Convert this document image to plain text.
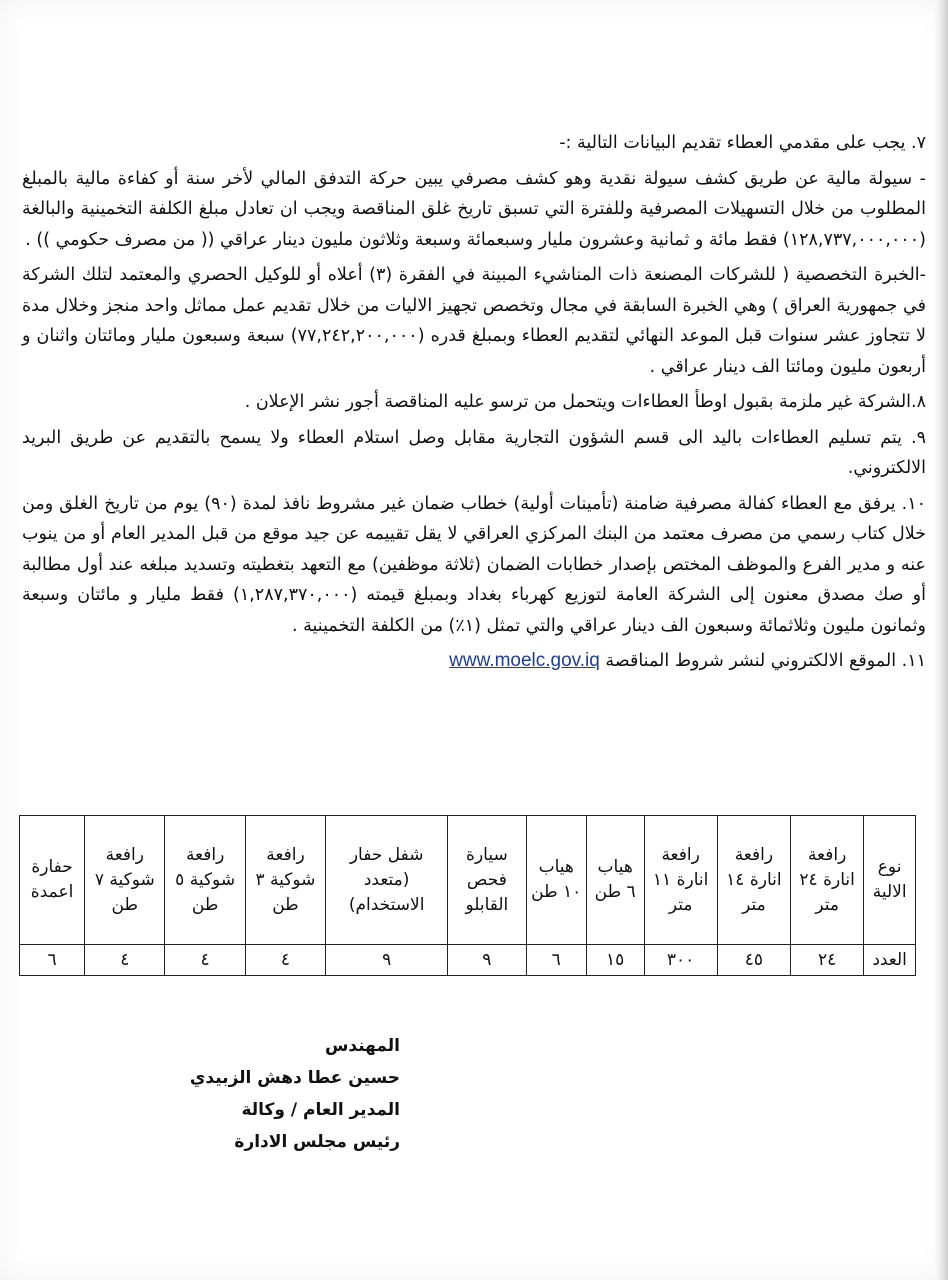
٧. يجب على مقدمي العطاء تقديم البيانات التالية :-

- سيولة مالية عن طريق كشف سيولة نقدية وهو كشف مصرفي يبين حركة التدفق المالي لأخر سنة أو كفاءة مالية بالمبلغ المطلوب من خلال التسهيلات المصرفية وللفترة التي تسبق تاريخ غلق المناقصة ويجب ان تعادل مبلغ الكلفة التخمينية والبالغة (١٢٨,٧٣٧,٠٠٠,٠٠٠) فقط مائة و ثمانية وعشرون مليار وسبعمائة وسبعة وثلاثون مليون دينار عراقي (( من مصرف حكومي )) .

-الخبرة التخصصية ( للشركات المصنعة ذات المناشيء المبينة في الفقرة (٣) أعلاه أو للوكيل الحصري والمعتمد لتلك الشركة في جمهورية العراق ) وهي الخبرة السابقة في مجال وتخصص تجهيز الاليات من خلال تقديم عمل مماثل واحد منجز وخلال مدة لا تتجاوز عشر سنوات قبل الموعد النهائي لتقديم العطاء وبمبلغ قدره (٧٧,٢٤٢,٢٠٠,٠٠٠) سبعة وسبعون مليار ومائتان واثنان و أربعون مليون ومائتا الف دينار عراقي .

٨.الشركة غير ملزمة بقبول اوطأ العطاءات ويتحمل من ترسو عليه المناقصة أجور نشر الإعلان .

٩. يتم تسليم العطاءات باليد الى قسم الشؤون التجارية مقابل وصل استلام العطاء ولا يسمح بالتقديم عن طريق البريد الالكتروني.

١٠. يرفق مع العطاء كفالة مصرفية ضامنة (تأمينات أولية) خطاب ضمان غير مشروط نافذ لمدة (٩٠) يوم من تاريخ الغلق ومن خلال كتاب رسمي من مصرف معتمد من البنك المركزي العراقي لا يقل تقييمه عن جيد موقع من قبل المدير العام أو من ينوب عنه و مدير الفرع والموظف المختص بإصدار خطابات الضمان (ثلاثة موظفين) مع التعهد بتغطيته وتسديد مبلغه عند أول مطالبة أو صك مصدق معنون إلى الشركة العامة لتوزيع كهرباء بغداد وبمبلغ قيمته (١,٢٨٧,٣٧٠,٠٠٠) فقط مليار و مائتان وسبعة وثمانون مليون وثلاثمائة وسبعون الف دينار عراقي والتي تمثل (١٪) من الكلفة التخمينية .

١١. الموقع الالكتروني لنشر شروط المناقصة www.moelc.gov.iq

نوع الالية	رافعة انارة ٢٤ متر	رافعة انارة ١٤ متر	رافعة انارة ١١ متر	هياب ٦ طن	هياب ١٠ طن	سيارة فحص القابلو	شفل حفار (متعدد الاستخدام)	رافعة شوكية ٣ طن	رافعة شوكية ٥ طن	رافعة شوكية ٧ طن	حفارة اعمدة
العدد	٢٤	٤٥	٣٠٠	١٥	٦	٩	٩	٤	٤	٤	٦
المهندس
حسين عطا دهش الزبيدي
المدير العام / وكالة
رئيس مجلس الادارة
